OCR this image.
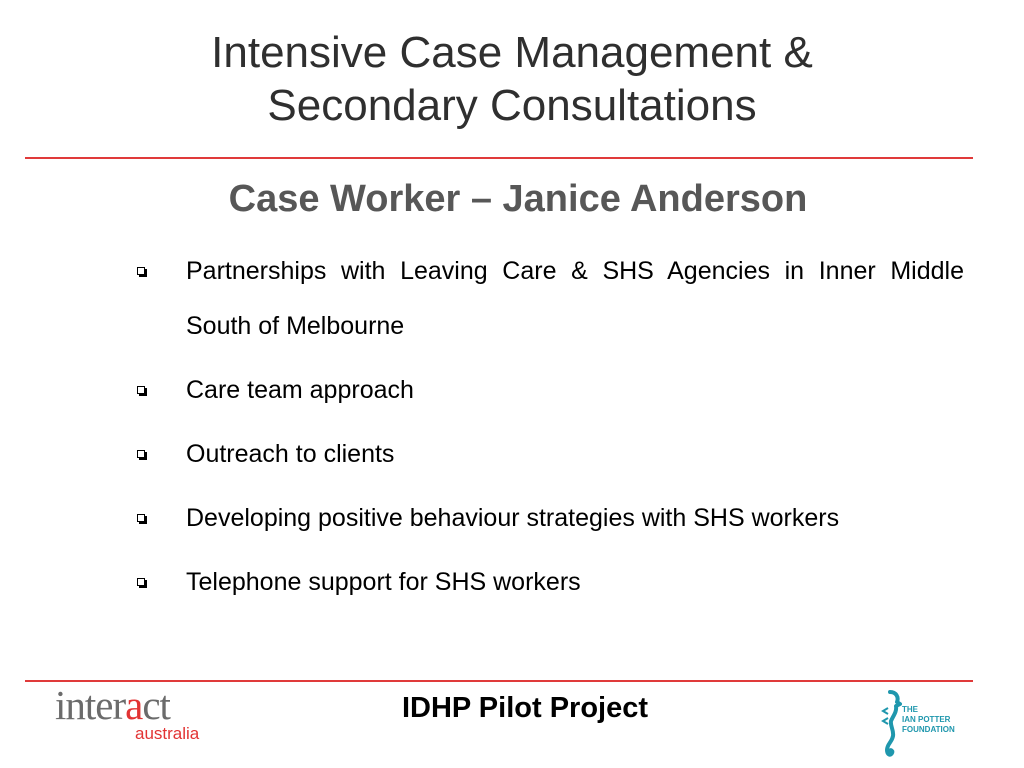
Intensive Case Management &
Secondary Consultations
Case Worker – Janice Anderson
Partnerships with Leaving Care & SHS Agencies in Inner Middle South of Melbourne
Care team approach
Outreach to clients
Developing positive behaviour strategies with SHS workers
Telephone support for SHS workers
interact
australia
IDHP Pilot Project	THE
IAN POTTER
FOUNDATION
